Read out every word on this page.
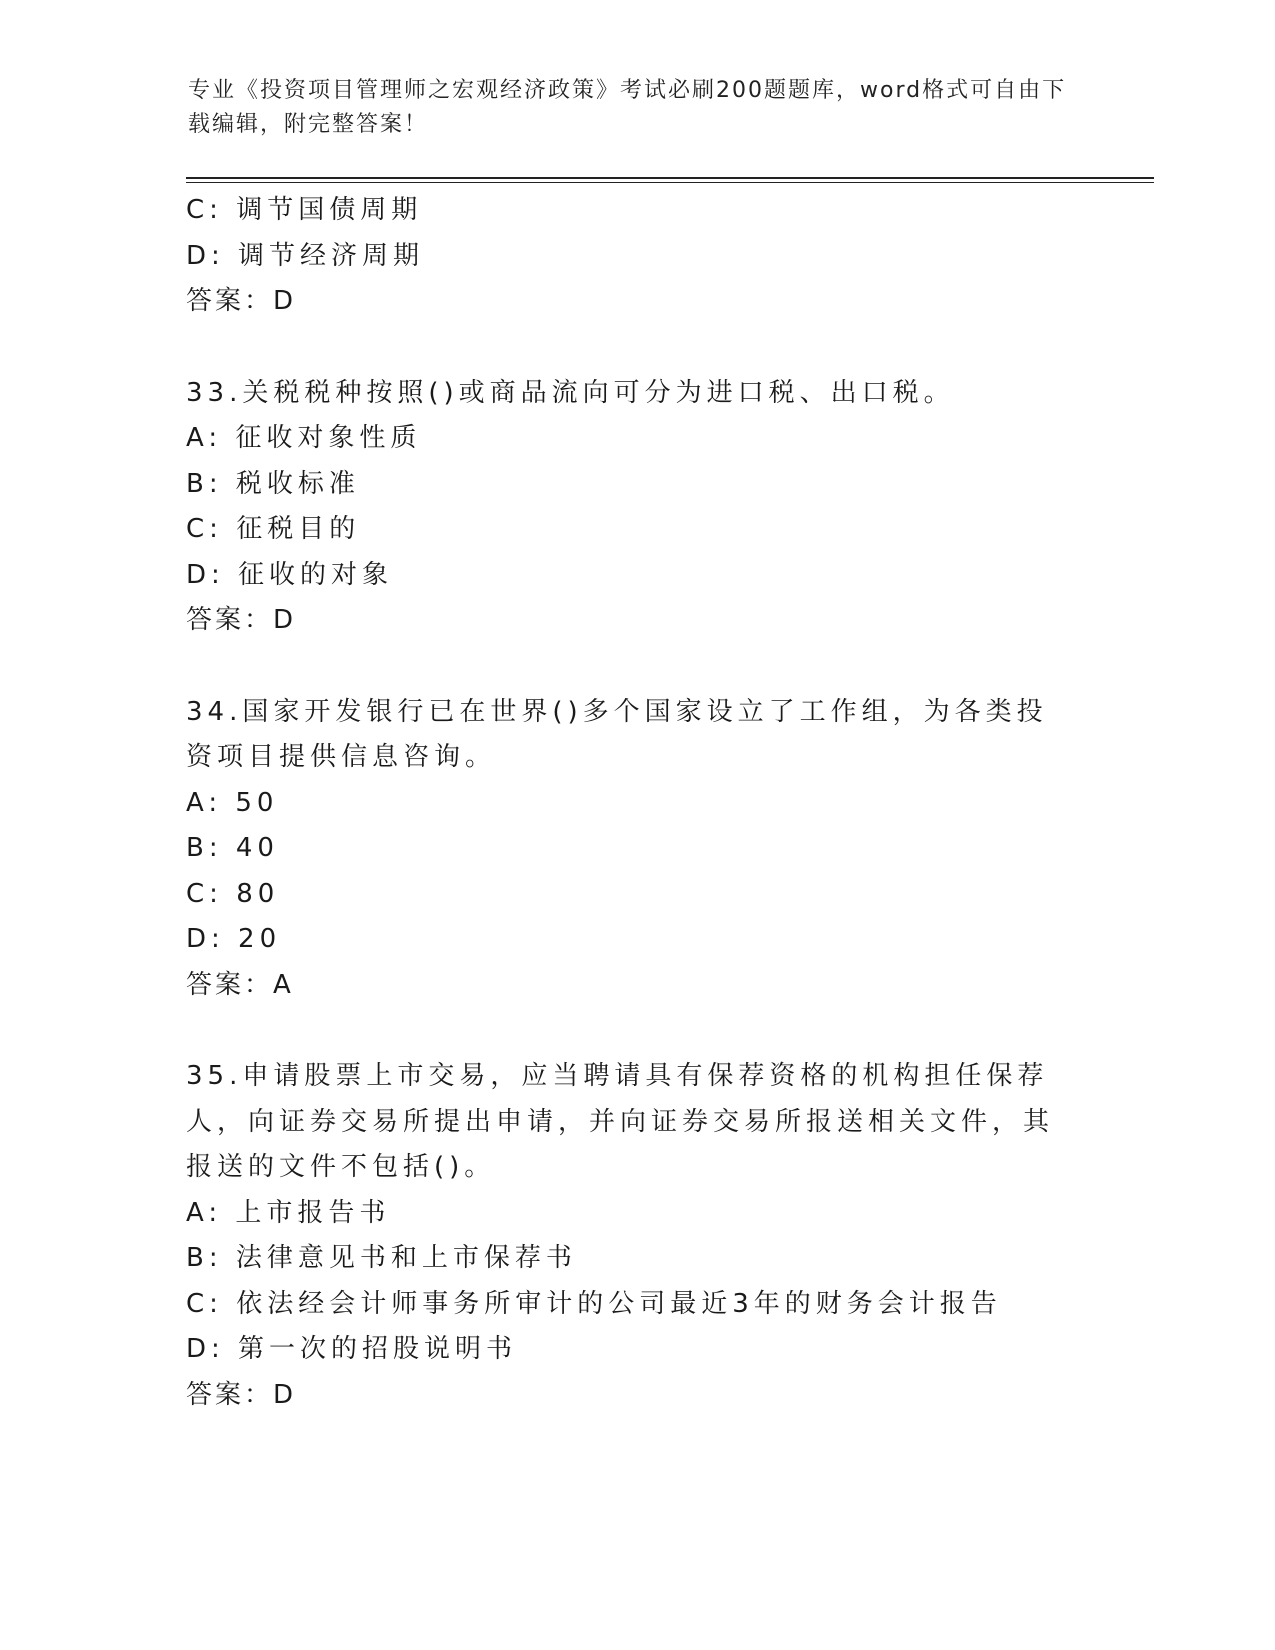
专业《投资项目管理师之宏观经济政策》考试必刷200题题库，word格式可自由下载编辑，附完整答案！
C: 调节国债周期
D: 调节经济周期
答案：D
33.关税税种按照()或商品流向可分为进口税、出口税。
A: 征收对象性质
B: 税收标准
C: 征税目的
D: 征收的对象
答案：D
34.国家开发银行已在世界()多个国家设立了工作组，为各类投资项目提供信息咨询。
A: 50
B: 40
C: 80
D: 20
答案：A
35.申请股票上市交易，应当聘请具有保荐资格的机构担任保荐人，向证券交易所提出申请，并向证券交易所报送相关文件，其报送的文件不包括()。
A: 上市报告书
B: 法律意见书和上市保荐书
C: 依法经会计师事务所审计的公司最近3年的财务会计报告
D: 第一次的招股说明书
答案：D
